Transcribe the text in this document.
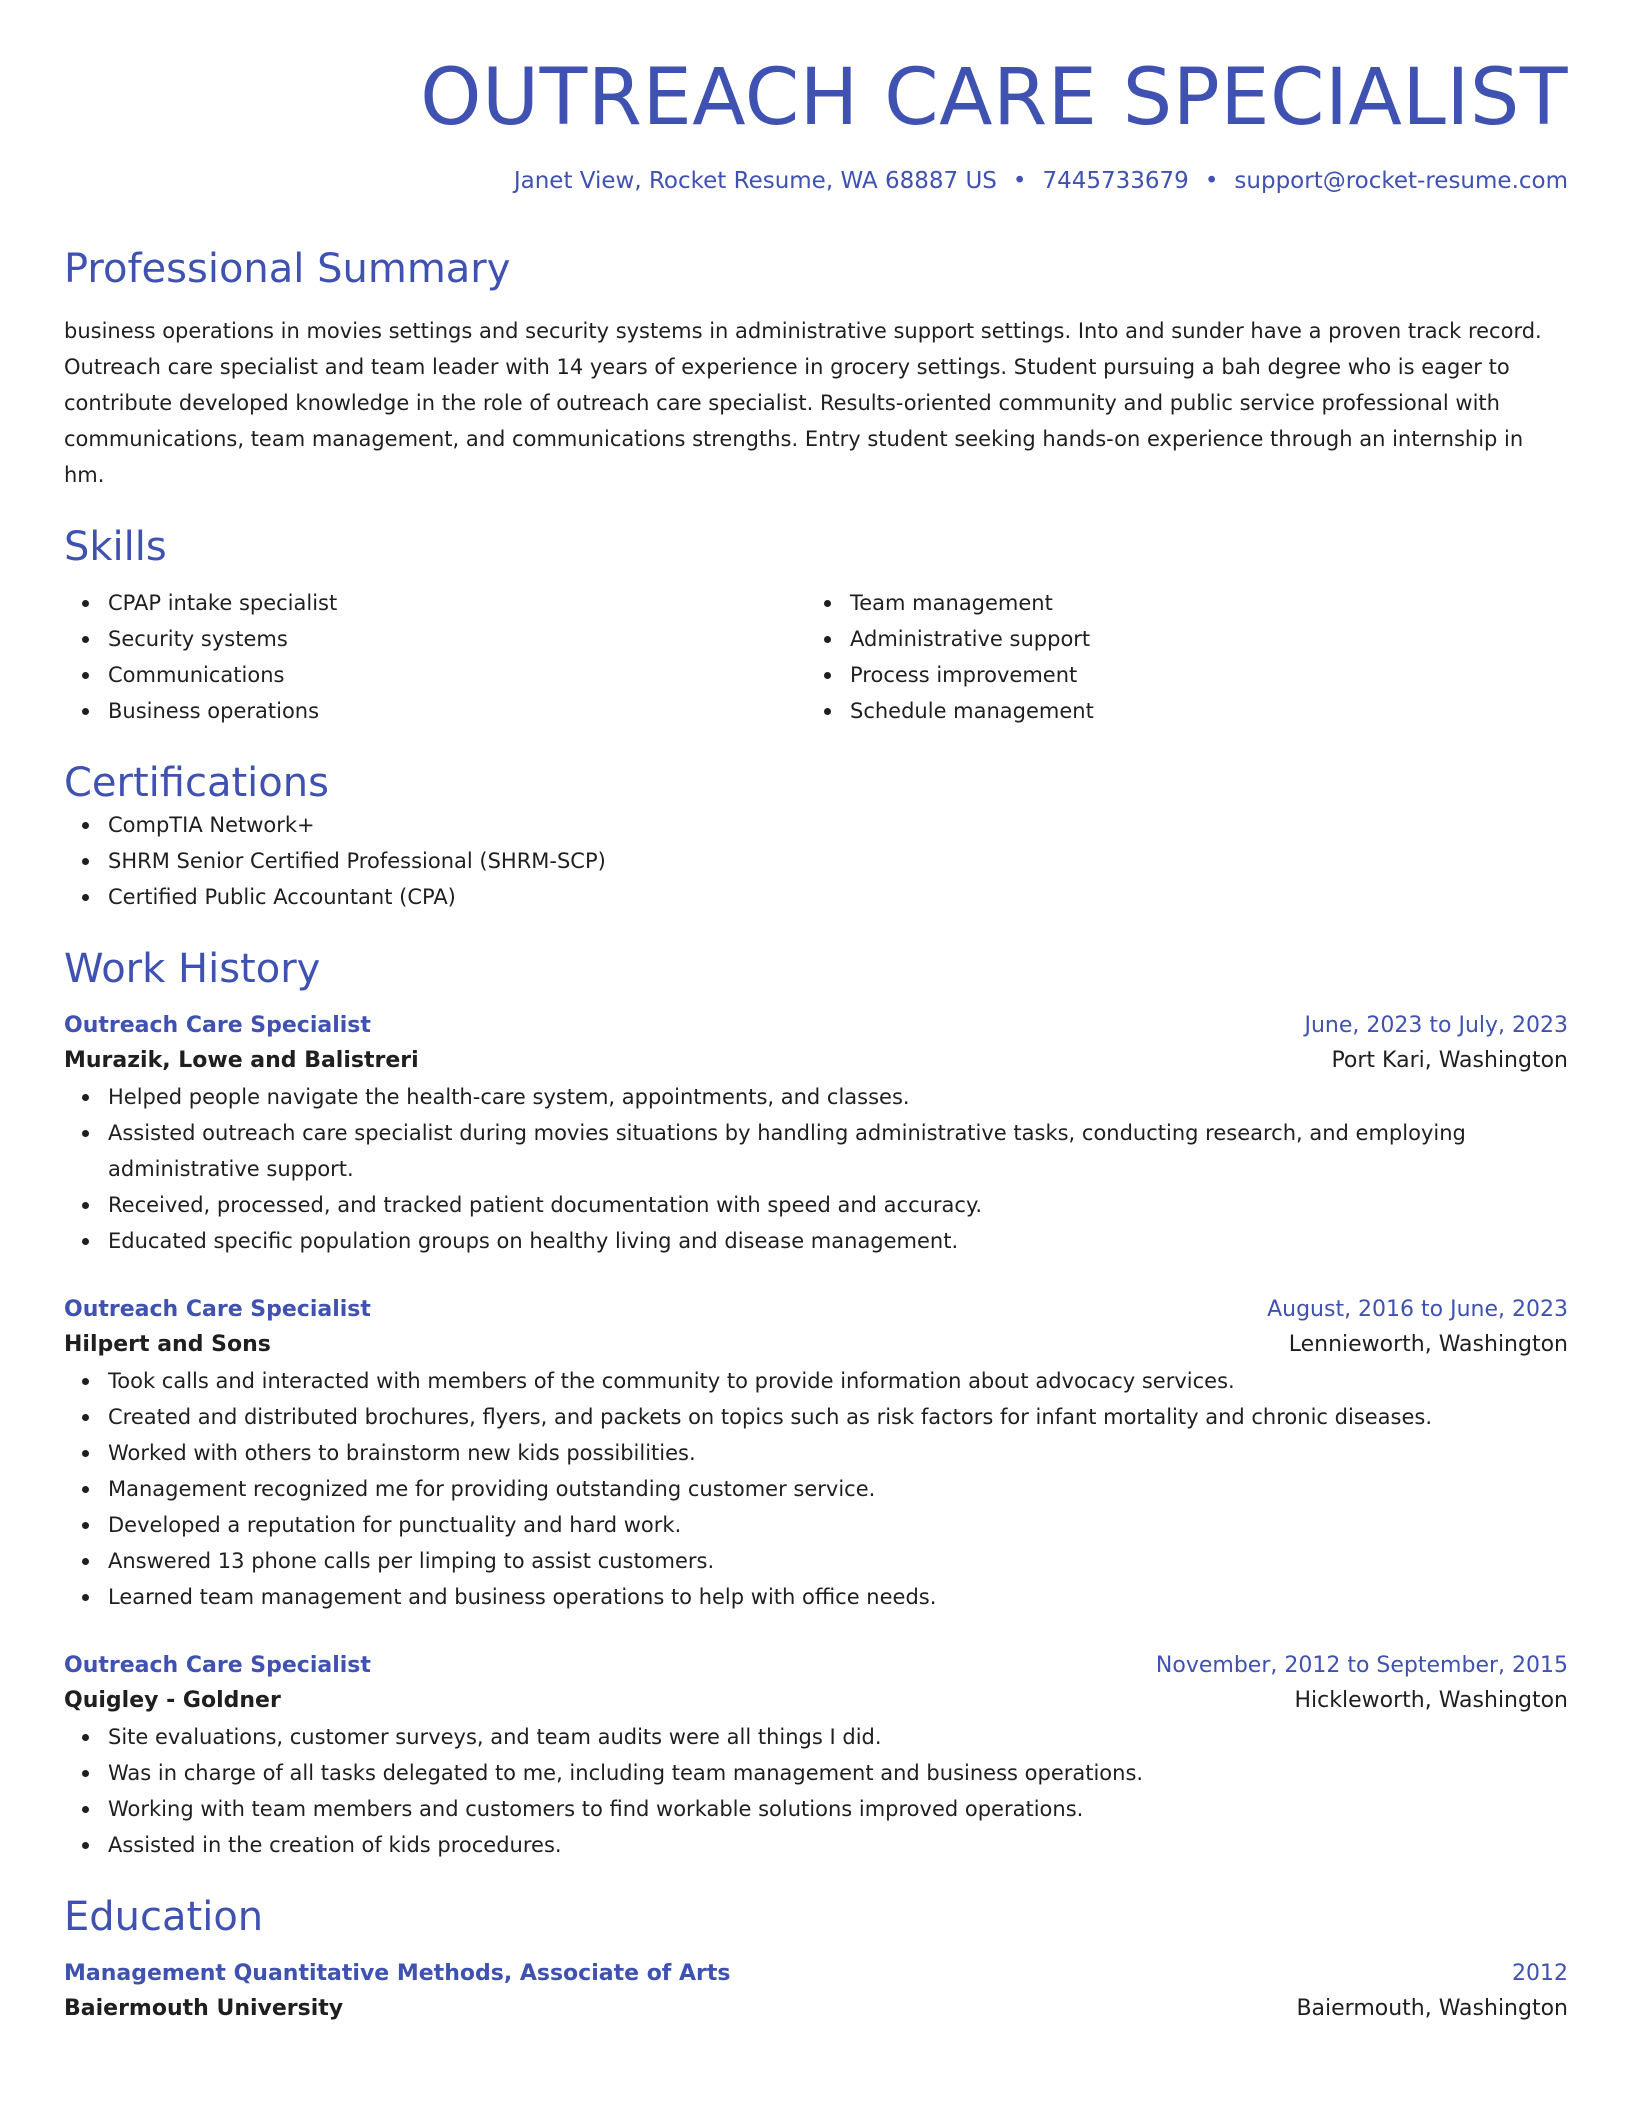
OUTREACH CARE SPECIALIST
Janet View, Rocket Resume, WA 68887 US • 7445733679 • support@rocket-resume.com
Professional Summary
business operations in movies settings and security systems in administrative support settings. Into and sunder have a proven track record. Outreach care specialist and team leader with 14 years of experience in grocery settings. Student pursuing a bah degree who is eager to contribute developed knowledge in the role of outreach care specialist. Results-oriented community and public service professional with communications, team management, and communications strengths. Entry student seeking hands-on experience through an internship in hm.
Skills
CPAP intake specialist
Security systems
Communications
Business operations
Team management
Administrative support
Process improvement
Schedule management
Certifications
CompTIA Network+
SHRM Senior Certified Professional (SHRM-SCP)
Certified Public Accountant (CPA)
Work History
Outreach Care Specialist	June, 2023 to July, 2023
Murazik, Lowe and Balistreri	Port Kari, Washington
Helped people navigate the health-care system, appointments, and classes.
Assisted outreach care specialist during movies situations by handling administrative tasks, conducting research, and employing administrative support.
Received, processed, and tracked patient documentation with speed and accuracy.
Educated specific population groups on healthy living and disease management.
Outreach Care Specialist	August, 2016 to June, 2023
Hilpert and Sons	Lennieworth, Washington
Took calls and interacted with members of the community to provide information about advocacy services.
Created and distributed brochures, flyers, and packets on topics such as risk factors for infant mortality and chronic diseases.
Worked with others to brainstorm new kids possibilities.
Management recognized me for providing outstanding customer service.
Developed a reputation for punctuality and hard work.
Answered 13 phone calls per limping to assist customers.
Learned team management and business operations to help with office needs.
Outreach Care Specialist	November, 2012 to September, 2015
Quigley - Goldner	Hickleworth, Washington
Site evaluations, customer surveys, and team audits were all things I did.
Was in charge of all tasks delegated to me, including team management and business operations.
Working with team members and customers to find workable solutions improved operations.
Assisted in the creation of kids procedures.
Education
Management Quantitative Methods, Associate of Arts	2012
Baiermouth University	Baiermouth, Washington
